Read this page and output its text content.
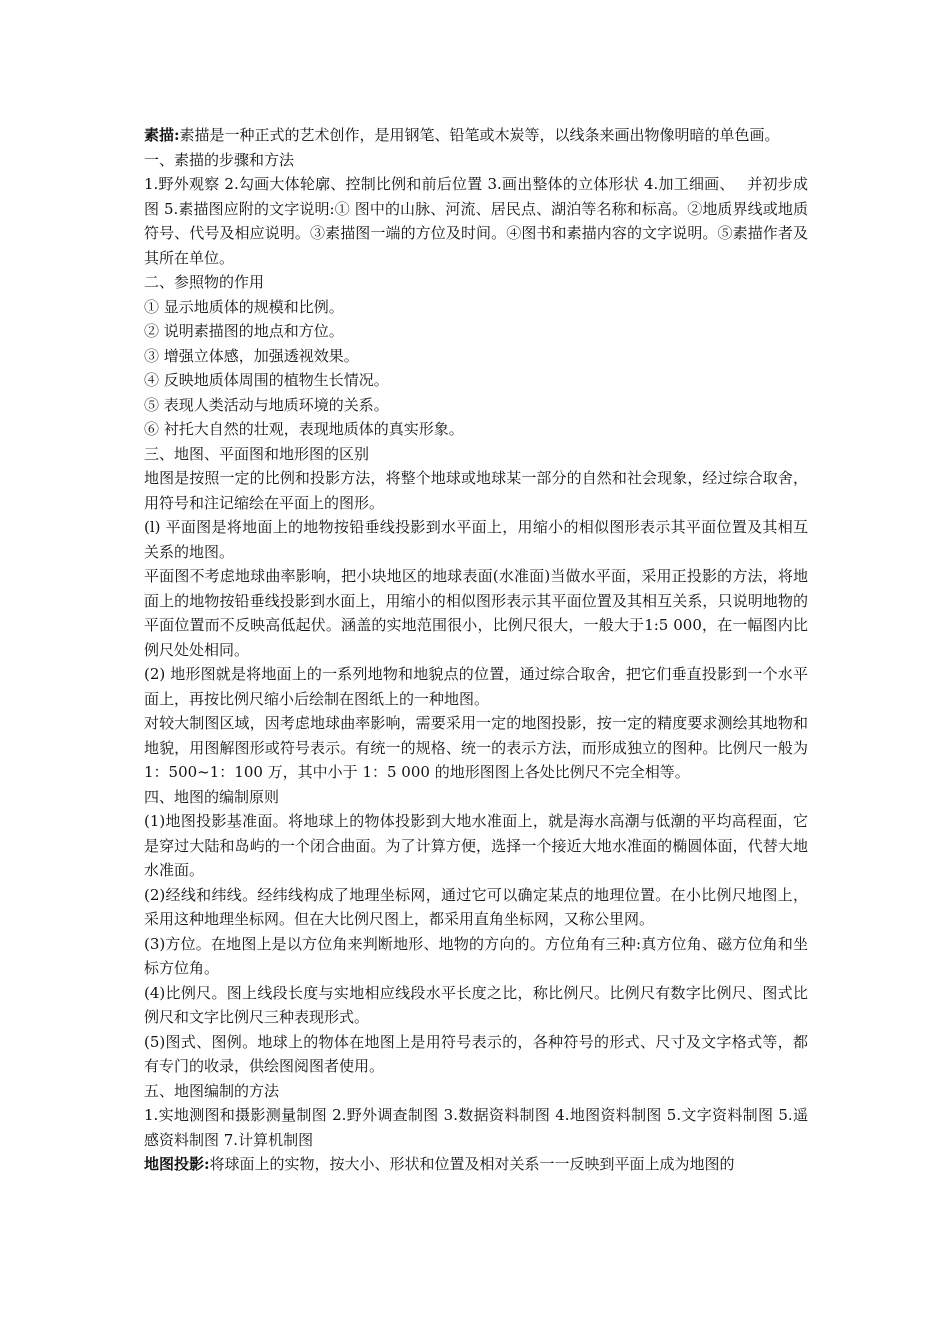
素描:素描是一种正式的艺术创作，是用钢笔、铅笔或木炭等，以线条来画出物像明暗的单色画。

一、素描的步骤和方法

1.野外观察 2.勾画大体轮廓、控制比例和前后位置 3.画出整体的立体形状 4.加工细画、　 并初步成图 5.素描图应附的文字说明:① 图中的山脉、河流、居民点、湖泊等名称和标高。②地质界线或地质符号、代号及相应说明。③素描图一端的方位及时间。④图书和素描内容的文字说明。⑤素描作者及其所在单位。

二、参照物的作用

① 显示地质体的规模和比例。

② 说明素描图的地点和方位。

③ 增强立体感，加强透视效果。

④ 反映地质体周围的植物生长情况。

⑤ 表现人类活动与地质环境的关系。

⑥ 衬托大自然的壮观，表现地质体的真实形象。

三、地图、平面图和地形图的区别

地图是按照一定的比例和投影方法，将整个地球或地球某一部分的自然和社会现象，经过综合取舍，用符号和注记缩绘在平面上的图形。

(l) 平面图是将地面上的地物按铅垂线投影到水平面上，用缩小的相似图形表示其平面位置及其相互关系的地图。

平面图不考虑地球曲率影响，把小块地区的地球表面(水准面)当做水平面，采用正投影的方法，将地面上的地物按铅垂线投影到水面上，用缩小的相似图形表示其平面位置及其相互关系，只说明地物的平面位置而不反映高低起伏。涵盖的实地范围很小，比例尺很大，一般大于1:5 000，在一幅图内比例尺处处相同。

(2) 地形图就是将地面上的一系列地物和地貌点的位置，通过综合取舍，把它们垂直投影到一个水平面上，再按比例尺缩小后绘制在图纸上的一种地图。

对较大制图区域，因考虑地球曲率影响，需要采用一定的地图投影，按一定的精度要求测绘其地物和地貌，用图解图形或符号表示。有统一的规格、统一的表示方法，而形成独立的图种。比例尺一般为 1：500~1：100 万，其中小于 1：5 000 的地形图图上各处比例尺不完全相等。

四、地图的编制原则

(1)地图投影基准面。将地球上的物体投影到大地水准面上，就是海水高潮与低潮的平均高程面，它是穿过大陆和岛屿的一个闭合曲面。为了计算方便，选择一个接近大地水准面的椭圆体面，代替大地水准面。

(2)经线和纬线。经纬线构成了地理坐标网，通过它可以确定某点的地理位置。在小比例尺地图上，采用这种地理坐标网。但在大比例尺图上，都采用直角坐标网，又称公里网。

(3)方位。在地图上是以方位角来判断地形、地物的方向的。方位角有三种:真方位角、磁方位角和坐标方位角。

(4)比例尺。图上线段长度与实地相应线段水平长度之比，称比例尺。比例尺有数字比例尺、图式比例尺和文字比例尺三种表现形式。

(5)图式、图例。地球上的物体在地图上是用符号表示的，各种符号的形式、尺寸及文字格式等，都有专门的收录，供绘图阅图者使用。

五、地图编制的方法

1.实地测图和摄影测量制图 2.野外调查制图 3.数据资料制图 4.地图资料制图 5.文字资料制图 5.遥感资料制图 7.计算机制图

地图投影:将球面上的实物，按大小、形状和位置及相对关系一一反映到平面上成为地图的
